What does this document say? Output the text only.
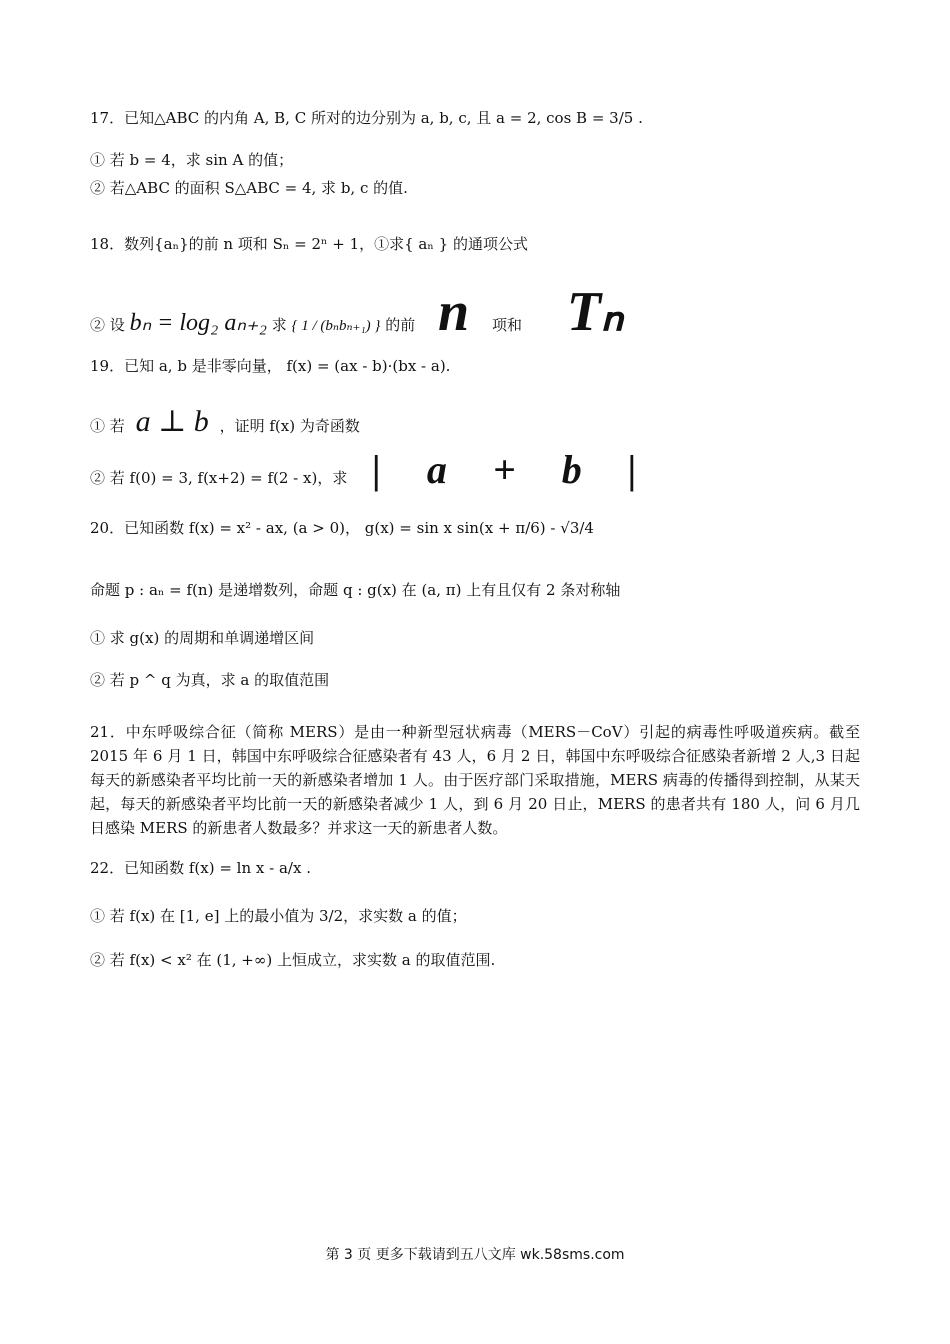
17．已知△ABC 的内角 A, B, C 所对的边分别为 a, b, c, 且 a = 2, cos B = 3/5 .
① 若 b = 4，求 sin A 的值；
② 若△ABC 的面积 S△ABC = 4, 求 b, c 的值.
18．数列{aₙ}的前 n 项和 Sₙ = 2ⁿ + 1，①求{ aₙ } 的通项公式
② 设 bₙ = log₂ aₙ₊₂ 求 { 1 / (bₙbₙ₊₁) } 的前 n 项和 Tₙ
19．已知 a, b 是非零向量， f(x) = (ax - b)·(bx - a).
① 若 a ⊥ b ，证明 f(x) 为奇函数
② 若 f(0) = 3, f(x+2) = f(2 - x)，求 | a + b |
20．已知函数 f(x) = x² - ax, (a > 0)， g(x) = sin x sin(x + π/6) - √3/4
命题 p : aₙ = f(n) 是递增数列，命题 q : g(x) 在 (a, π) 上有且仅有 2 条对称轴
① 求 g(x) 的周期和单调递增区间
② 若 p ^ q 为真，求 a 的取值范围
21．中东呼吸综合征（简称 MERS）是由一种新型冠状病毒（MERS－CoV）引起的病毒性呼吸道疾病。截至 2015 年 6 月 1 日，韩国中东呼吸综合征感染者有 43 人，6 月 2 日，韩国中东呼吸综合征感染者新增 2 人,3 日起每天的新感染者平均比前一天的新感染者增加 1 人。由于医疗部门采取措施，MERS 病毒的传播得到控制，从某天起，每天的新感染者平均比前一天的新感染者减少 1 人，到 6 月 20 日止，MERS 的患者共有 180 人，问 6 月几日感染 MERS 的新患者人数最多？并求这一天的新患者人数。
22．已知函数 f(x) = ln x - a/x .
① 若 f(x) 在 [1, e] 上的最小值为 3/2，求实数 a 的值；
② 若 f(x) < x² 在 (1, +∞) 上恒成立，求实数 a 的取值范围.
第 3 页 更多下载请到五八文库 wk.58sms.com
